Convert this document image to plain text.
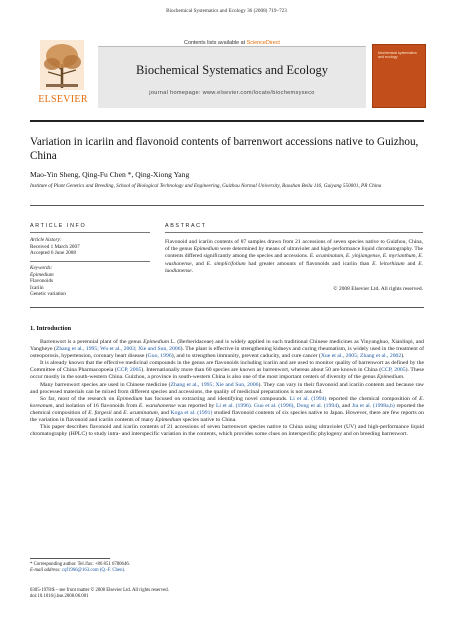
Biochemical Systematics and Ecology 36 (2008) 719–723
ELSEVIER
Contents lists available at ScienceDirect
Biochemical Systematics and Ecology
journal homepage: www.elsevier.com/locate/biochemsyseco
biochemical systematics and ecology
Variation in icariin and flavonoid contents of barrenwort accessions native to Guizhou, China
Mao-Yin Sheng, Qing-Fu Chen *, Qing-Xiong Yang
Institute of Plant Genetics and Breeding, School of Biological Technology and Engineering, Guizhou Normal University, Baoshan Beilu 116, Guiyang 550001, PR China
ARTICLE INFO	ABSTRACT
Article history:
Received 1 March 2007
Accepted 6 June 2008
Keywords:
Epimedium
Flavonoids
Icariin
Genetic variation
Flavonoid and icariin contents of 87 samples drawn from 21 accessions of seven species native to Guizhou, China, of the genus Epimedium were determined by means of ultraviolet and high-performance liquid chromatography. The contents differed significantly among the species and accessions. E. acuminatum, E. yinjiangense, E. myrianthum, E. wushanense, and E. simplicifolium had greater amounts of flavonoids and icariin than E. leitorhizum and E. luodianense.
© 2008 Elsevier Ltd. All rights reserved.
1. Introduction

Barrenwort is a perennial plant of the genus Epimedium L. (Berberidaceae) and is widely applied in such traditional Chinese medicines as Yinyanghuo, Xianlinpi, and Yangheye (Zhang et al., 1995; Wu et al., 2003; Xie and Sun, 2006). The plant is effective in strengthening kidneys and curing rheumatism, is widely used in the treatment of osteoporosis, hypertension, coronary heart disease (Guo, 1996), and to strengthen immunity, prevent caducity, and cure cancer (Xue et al., 2005; Zhang et al., 2002).

It is already known that the effective medicinal compounds in the genus are flavonoids including icariin and are used to monitor quality of barrenwort as defined by the Committee of China Pharmacopoeia (CCP, 2005). Internationally more than 60 species are known as barrenwort, whereas about 50 are known in China (CCP, 2005). These occur mostly in the south-western China. Guizhou, a province in south-western China is also one of the most important centers of diversity of the genus Epimedium.

Many barrenwort species are used in Chinese medicine (Zhang et al., 1995; Xie and Sun, 2006). They can vary in their flavonoid and icariin contents and because raw and processed materials can be mixed from different species and accessions, the quality of medicinal preparations is not assured.

So far, most of the research on Epimedium has focused on extracting and identifying novel compounds. Li et al. (1994) reported the chemical composition of E. koreanum, and isolation of 16 flavonoids from E. wanshanense was reported by Li et al. (1996). Guo et al. (1996), Dong et al. (1994), and Jia et al. (1998a,b) reported the chemical composition of E. fargesii and E. acuminatum, and Koga et al. (1991) studied flavonoid contents of six species native to Japan. However, there are few reports on the variation in flavonoid and icariin contents of many Epimedium species native to China.

This paper describes flavonoid and icariin contents of 21 accessions of seven barrenwort species native to China using ultraviolet (UV) and high-performance liquid chromatography (HPLC) to study intra- and interspecific variation in the contents, which provides some clues on interspecific phylogeny and on breeding barrenwort.

* Corresponding author. Tel./fax: +86 851 6780646.
E-mail address: cqf1966@163.com (Q.-F. Chen).
0305-1978/$ – see front matter © 2008 Elsevier Ltd. All rights reserved.
doi:10.1016/j.bse.2008.06.001
